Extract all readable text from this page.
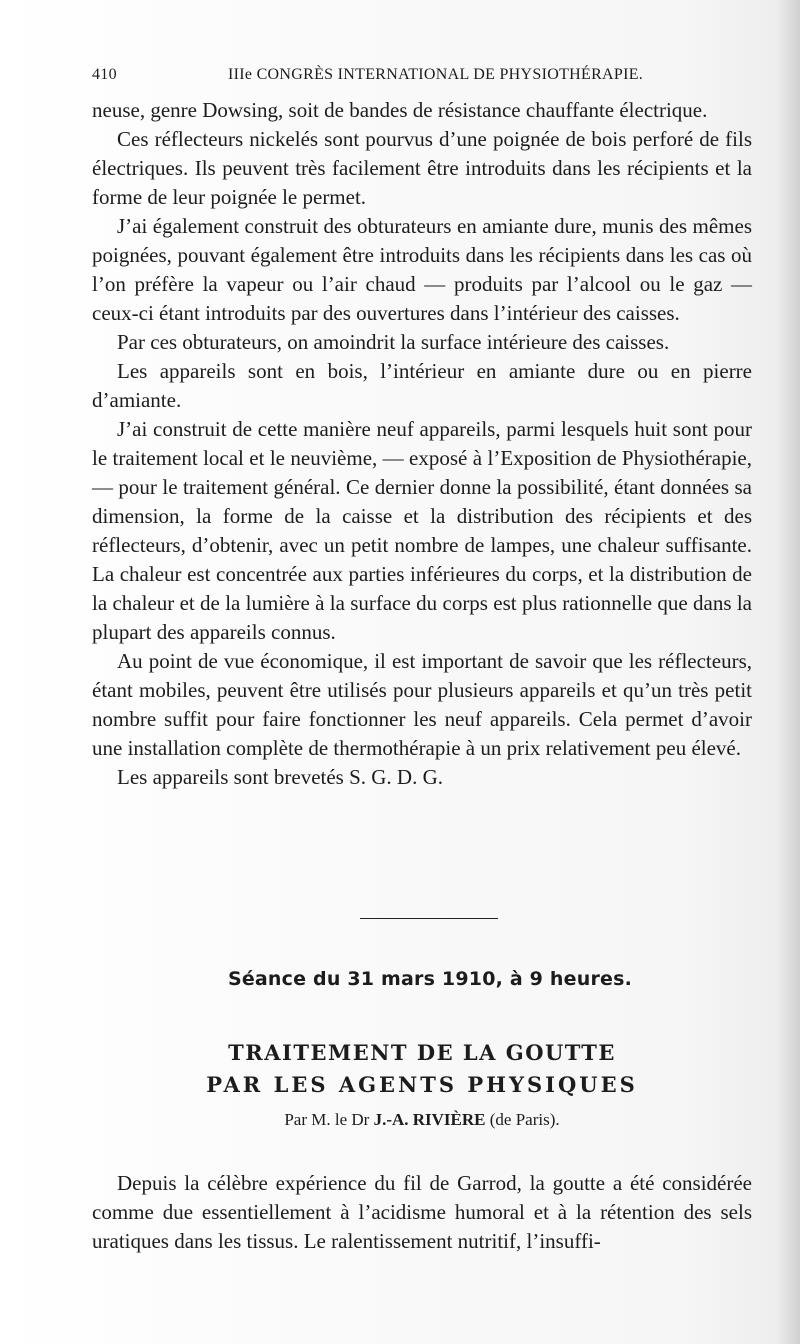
410	IIIe CONGRÈS INTERNATIONAL DE PHYSIOTHÉRAPIE.

neuse, genre Dowsing, soit de bandes de résistance chauffante électrique.

Ces réflecteurs nickelés sont pourvus d’une poignée de bois perforé de fils électriques. Ils peuvent très facilement être introduits dans les récipients et la forme de leur poignée le permet.

J’ai également construit des obturateurs en amiante dure, munis des mêmes poignées, pouvant également être introduits dans les récipients dans les cas où l’on préfère la vapeur ou l’air chaud — produits par l’alcool ou le gaz — ceux-ci étant introduits par des ouvertures dans l’intérieur des caisses.

Par ces obturateurs, on amoindrit la surface intérieure des caisses.

Les appareils sont en bois, l’intérieur en amiante dure ou en pierre d’amiante.

J’ai construit de cette manière neuf appareils, parmi lesquels huit sont pour le traitement local et le neuvième, — exposé à l’Exposition de Physiothérapie, — pour le traitement général. Ce dernier donne la possibilité, étant données sa dimension, la forme de la caisse et la distribution des récipients et des réflecteurs, d’obtenir, avec un petit nombre de lampes, une chaleur suffisante. La chaleur est concentrée aux parties inférieures du corps, et la distribution de la chaleur et de la lumière à la surface du corps est plus rationnelle que dans la plupart des appareils connus.

Au point de vue économique, il est important de savoir que les réflecteurs, étant mobiles, peuvent être utilisés pour plusieurs appareils et qu’un très petit nombre suffit pour faire fonctionner les neuf appareils. Cela permet d’avoir une installation complète de thermothérapie à un prix relativement peu élevé.

Les appareils sont brevetés S. G. D. G.

Séance du 31 mars 1910, à 9 heures.
TRAITEMENT DE LA GOUTTE
PAR LES AGENTS PHYSIQUES
Par M. le Dr J.-A. RIVIÈRE (de Paris).

Depuis la célèbre expérience du fil de Garrod, la goutte a été considérée comme due essentiellement à l’acidisme humoral et à la rétention des sels uratiques dans les tissus. Le ralentissement nutritif, l’insuffi-
